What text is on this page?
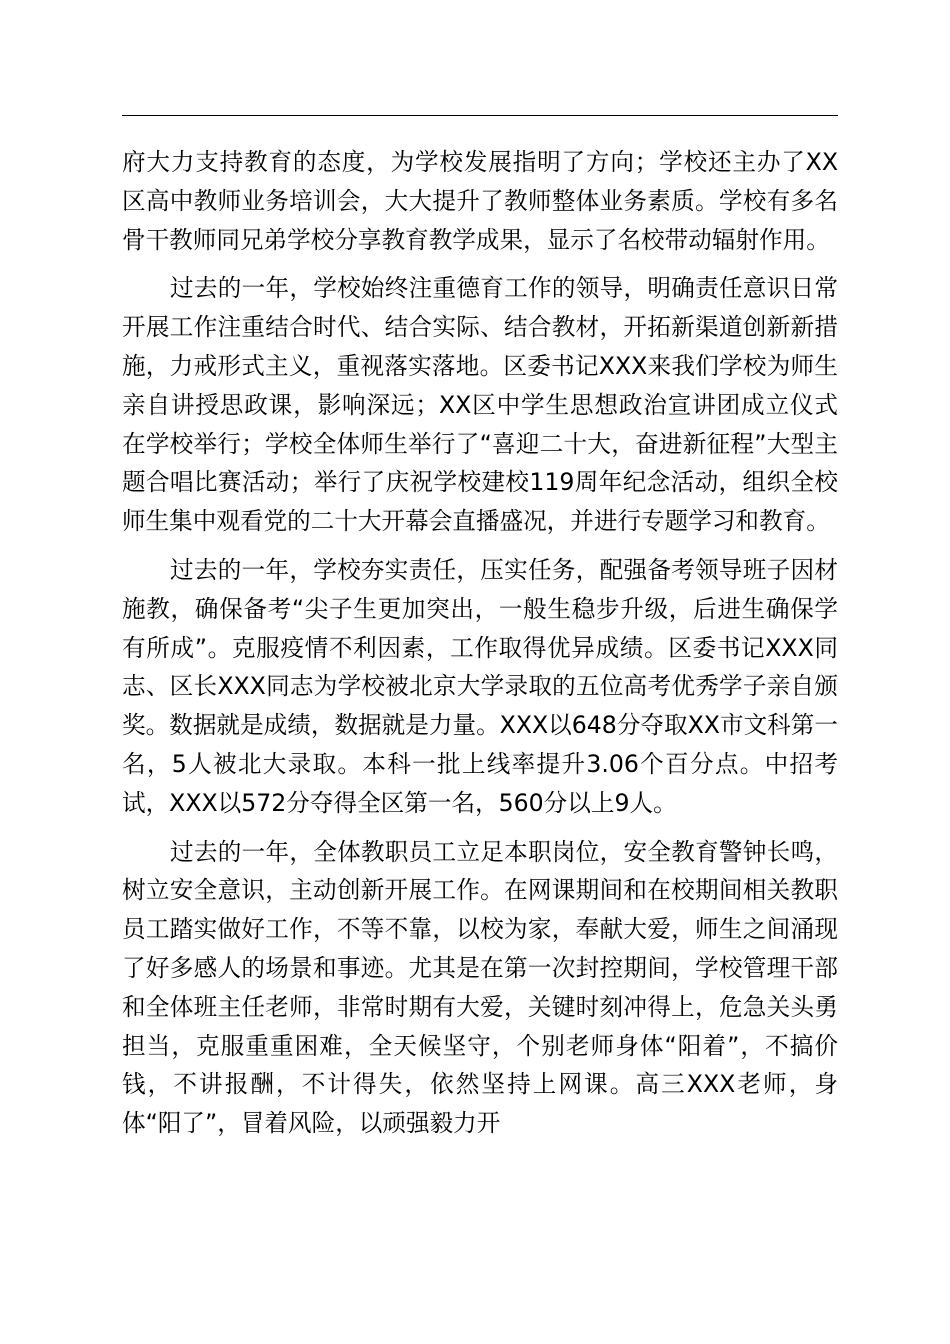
府大力支持教育的态度，为学校发展指明了方向；学校还主办了XX区高中教师业务培训会，大大提升了教师整体业务素质。学校有多名骨干教师同兄弟学校分享教育教学成果，显示了名校带动辐射作用。

过去的一年，学校始终注重德育工作的领导，明确责任意识日常开展工作注重结合时代、结合实际、结合教材，开拓新渠道创新新措施，力戒形式主义，重视落实落地。区委书记XXX来我们学校为师生亲自讲授思政课，影响深远；XX区中学生思想政治宣讲团成立仪式在学校举行；学校全体师生举行了“喜迎二十大，奋进新征程”大型主题合唱比赛活动；举行了庆祝学校建校119周年纪念活动，组织全校师生集中观看党的二十大开幕会直播盛况，并进行专题学习和教育。

过去的一年，学校夯实责任，压实任务，配强备考领导班子因材施教，确保备考“尖子生更加突出，一般生稳步升级，后进生确保学有所成”。克服疫情不利因素，工作取得优异成绩。区委书记XXX同志、区长XXX同志为学校被北京大学录取的五位高考优秀学子亲自颁奖。数据就是成绩，数据就是力量。XXX以648分夺取XX市文科第一名，5人被北大录取。本科一批上线率提升3.06个百分点。中招考试，XXX以572分夺得全区第一名，560分以上9人。

过去的一年，全体教职员工立足本职岗位，安全教育警钟长鸣，树立安全意识，主动创新开展工作。在网课期间和在校期间相关教职员工踏实做好工作，不等不靠，以校为家，奉献大爱，师生之间涌现了好多感人的场景和事迹。尤其是在第一次封控期间，学校管理干部和全体班主任老师，非常时期有大爱，关键时刻冲得上，危急关头勇担当，克服重重困难，全天候坚守，个别老师身体“阳着”，不搞价钱，不讲报酬，不计得失，依然坚持上网课。高三XXX老师，身体“阳了”，冒着风险，以顽强毅力开
